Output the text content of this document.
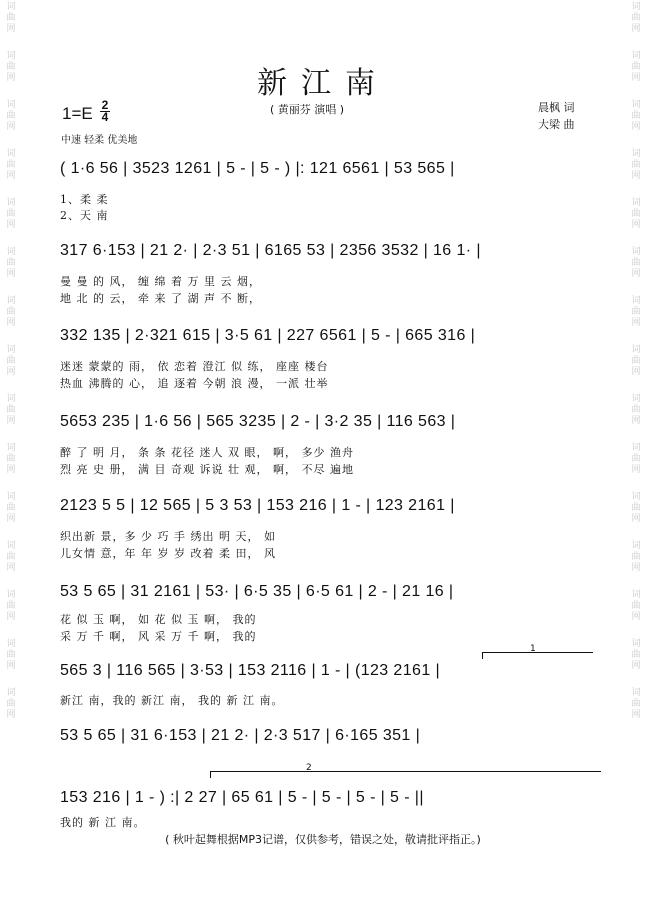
词
曲
网
词
曲
网
词
曲
网
词
曲
网
词
曲
网
词
曲
网
词
曲
网
词
曲
网
词
曲
网
词
曲
网
词
曲
网
词
曲
网
词
曲
网
词
曲
网
词
曲
网
词
曲
网
词
曲
网
词
曲
网
词
曲
网
词
曲
网
词
曲
网
词
曲
网
词
曲
网
词
曲
网
词
曲
网
词
曲
网
词
曲
网
词
曲
网
词
曲
网
词
曲
网
新江南
1=E 2
4
( 黄丽芬 演唱 )	晨枫 词
大梁 曲
中速 轻柔 优美地
( 1·6 56 | 3523 1261 | 5 - | 5 - ) |: 121 6561 | 53 565 |
1、柔 柔
2、天 南
317 6·153 | 21 2· | 2·3 51 | 6165 53 | 2356 3532 | 16 1· |
曼 曼 的 风， 缠 绵 着 万 里 云 烟，
地 北 的 云， 牵 来 了 湖 声 不 断，
332 135 | 2·321 615 | 3·5 61 | 227 6561 | 5 - | 665 316 |
迷迷 蒙蒙的 雨， 依 恋着 澄江 似 练， 座座 楼台
热血 沸腾的 心， 追 逐着 今朝 浪 漫， 一派 壮举
5653 235 | 1·6 56 | 565 3235 | 2 - | 3·2 35 | 116 563 |
醉 了 明 月， 条 条 花径 迷人 双 眼， 啊， 多少 渔舟
烈 亮 史 册， 满 目 奇观 诉说 壮 观， 啊， 不尽 遍地
2123 5 5 | 12 565 | 5 3 53 | 153 216 | 1 - | 123 2161 |
织出新 景，多 少 巧 手 绣出 明 天， 如
儿女情 意，年 年 岁 岁 改着 柔 田， 风
53 5 65 | 31 2161 | 53· | 6·5 35 | 6·5 61 | 2 - | 21 16 |
花 似 玉 啊， 如 花 似 玉 啊， 我的
采 万 千 啊， 风 采 万 千 啊， 我的
1
565 3 | 116 565 | 3·53 | 153 2116 | 1 - | (123 2161 |
新江 南，我的 新江 南， 我的 新 江 南。
53 5 65 | 31 6·153 | 21 2· | 2·3 517 | 6·165 351 |
2
153 216 | 1 - ) :| 2 27 | 65 61 | 5 - | 5 - | 5 - | 5 - ||
我的 新 江 南。
( 秋叶起舞根据MP3记谱，仅供参考，错误之处，敬请批评指正。)
